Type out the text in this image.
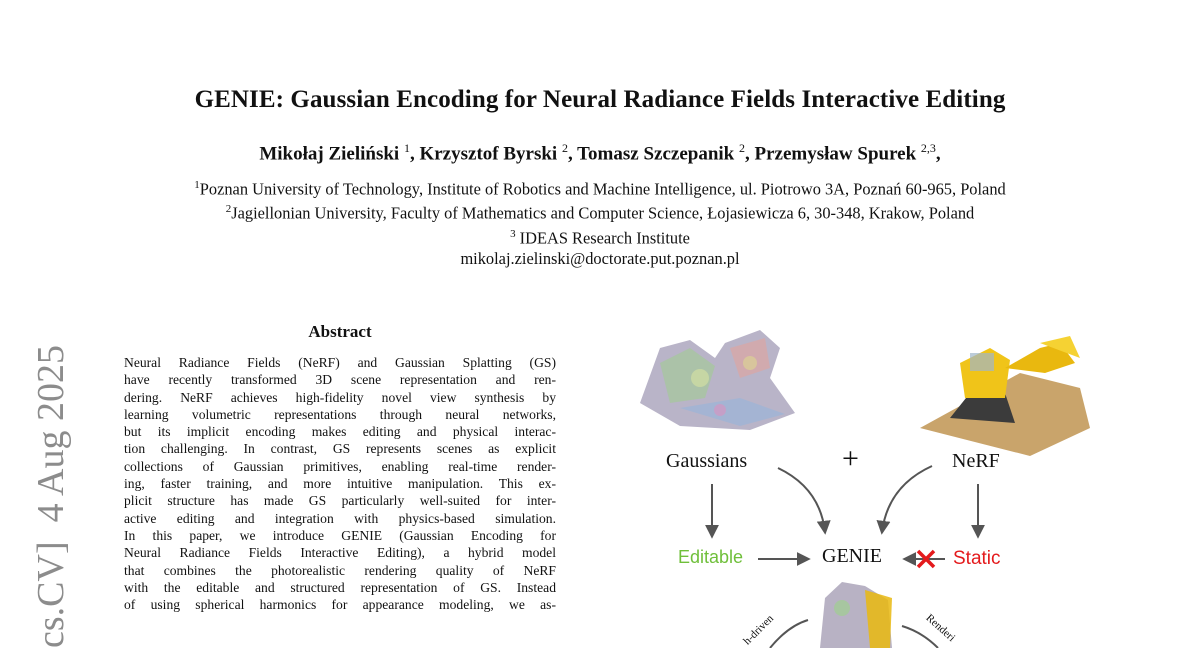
GENIE: Gaussian Encoding for Neural Radiance Fields Interactive Editing
Mikołaj Zieliński $^1$, Krzysztof Byrski $^2$, Tomasz Szczepanik $^2$, Przemysław Spurek $^{2,3}$,
$^1$Poznan University of Technology, Institute of Robotics and Machine Intelligence, ul. Piotrowo 3A, Poznań 60-965, Poland
$^2$Jagiellonian University, Faculty of Mathematics and Computer Science, Łojasiewicza 6, 30-348, Krakow, Poland
$^3$ IDEAS Research Institute
mikolaj.zielinski@doctorate.put.poznan.pl
cs.CV]  4 Aug 2025
Abstract

Neural Radiance Fields (NeRF) and Gaussian Splatting (GS)

have recently transformed 3D scene representation and ren-

dering. NeRF achieves high-fidelity novel view synthesis by

learning volumetric representations through neural networks,

but its implicit encoding makes editing and physical interac-

tion challenging. In contrast, GS represents scenes as explicit

collections of Gaussian primitives, enabling real-time render-

ing, faster training, and more intuitive manipulation. This ex-

plicit structure has made GS particularly well-suited for inter-

active editing and integration with physics-based simulation.

In this paper, we introduce GENIE (Gaussian Encoding for

Neural Radiance Fields Interactive Editing), a hybrid model

that combines the photorealistic rendering quality of NeRF

with the editable and structured representation of GS. Instead

of using spherical harmonics for appearance modeling, we as-

Gaussians	+	NeRF
Editable	GENIE	Static
h-driven	Renderi
